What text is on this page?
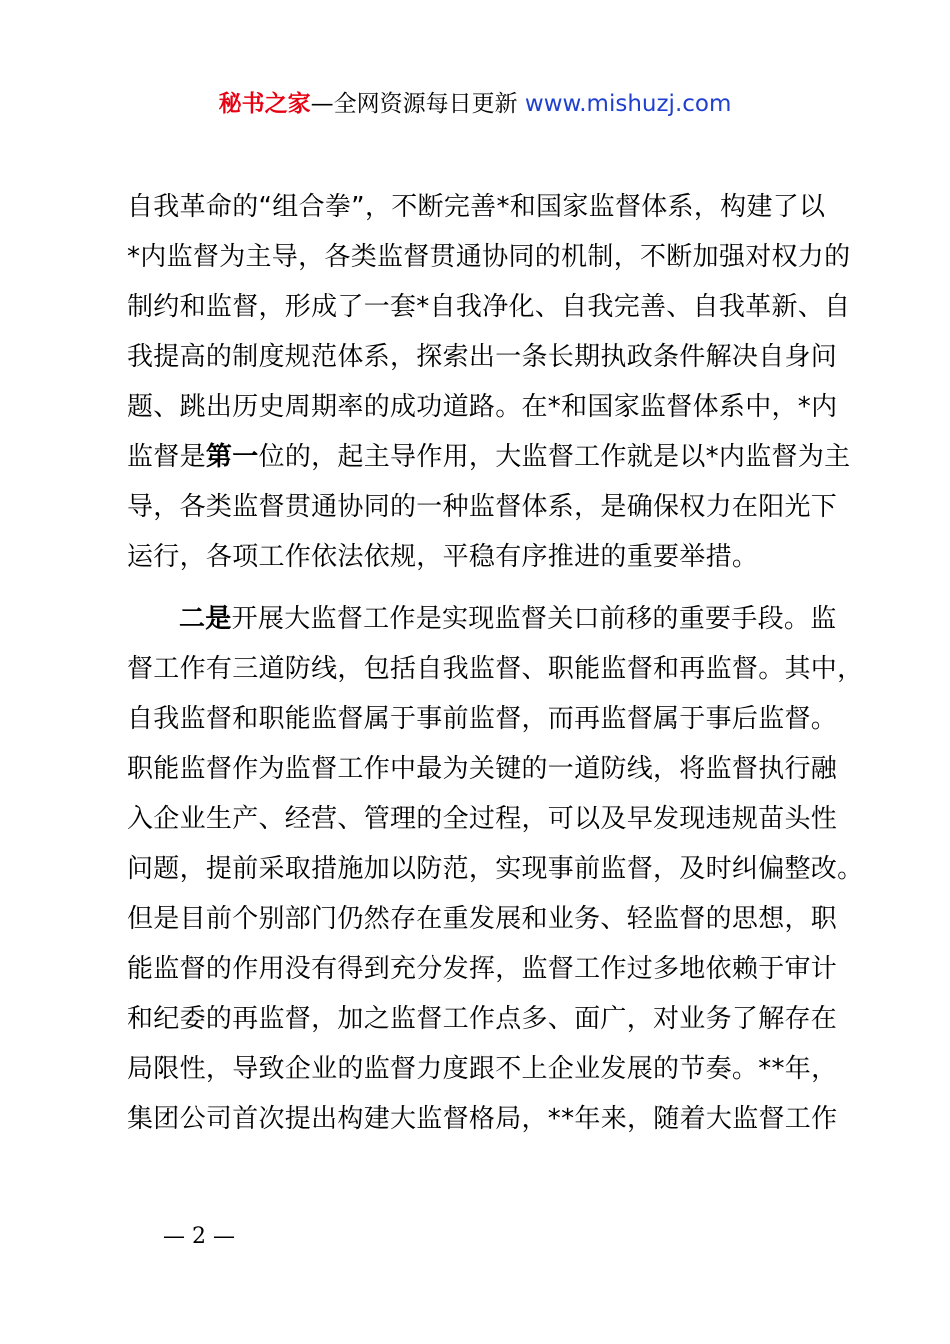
秘书之家—全网资源每日更新 www.mishuzj.com
自我革命的“组合拳”，不断完善*和国家监督体系，构建了以
*内监督为主导，各类监督贯通协同的机制，不断加强对权力的
制约和监督，形成了一套*自我净化、自我完善、自我革新、自
我提高的制度规范体系，探索出一条长期执政条件解决自身问
题、跳出历史周期率的成功道路。在*和国家监督体系中，*内
监督是第一位的，起主导作用，大监督工作就是以*内监督为主
导，各类监督贯通协同的一种监督体系，是确保权力在阳光下
运行，各项工作依法依规，平稳有序推进的重要举措。
二是开展大监督工作是实现监督关口前移的重要手段。监
督工作有三道防线，包括自我监督、职能监督和再监督。其中，
自我监督和职能监督属于事前监督，而再监督属于事后监督。
职能监督作为监督工作中最为关键的一道防线，将监督执行融
入企业生产、经营、管理的全过程，可以及早发现违规苗头性
问题，提前采取措施加以防范，实现事前监督，及时纠偏整改。
但是目前个别部门仍然存在重发展和业务、轻监督的思想，职
能监督的作用没有得到充分发挥，监督工作过多地依赖于审计
和纪委的再监督，加之监督工作点多、面广，对业务了解存在
局限性，导致企业的监督力度跟不上企业发展的节奏。**年，
集团公司首次提出构建大监督格局，**年来，随着大监督工作
— 2 —
